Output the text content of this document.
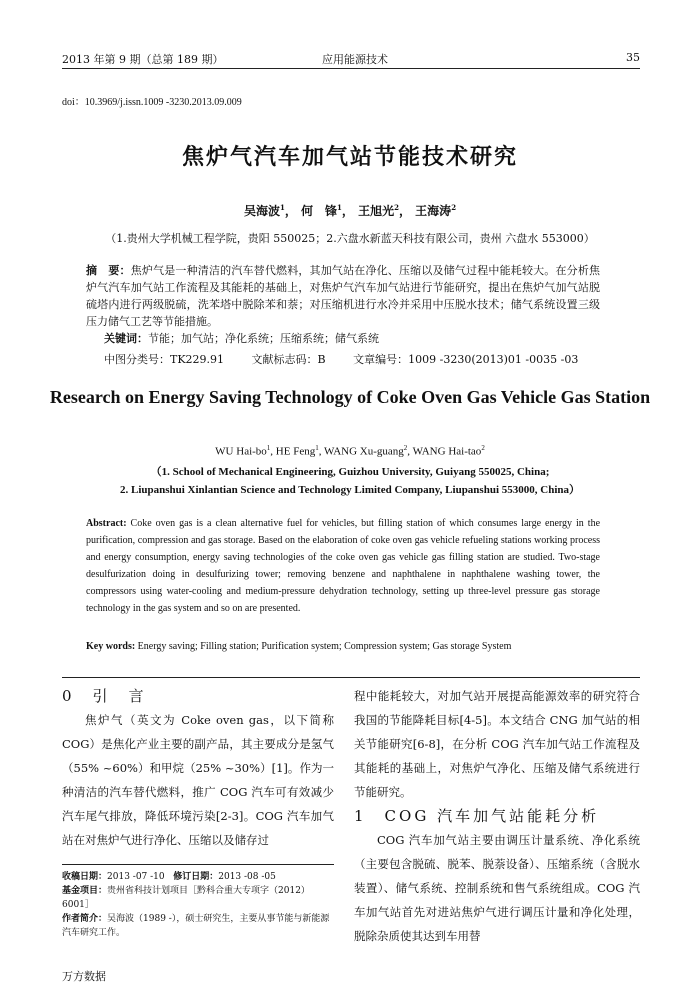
2013 年第 9 期（总第 189 期）	应用能源技术	35
doi：10.3969/j.issn.1009 -3230.2013.09.009
焦炉气汽车加气站节能技术研究
吴海波$^1$， 何　锋$^1$， 王旭光$^2$， 王海涛$^2$
（1.贵州大学机械工程学院，贵阳 550025；2.六盘水新蓝天科技有限公司，贵州 六盘水 553000）
摘　要：焦炉气是一种清洁的汽车替代燃料，其加气站在净化、压缩以及储气过程中能耗较大。在分析焦炉气汽车加气站工作流程及其能耗的基础上，对焦炉气汽车加气站进行节能研究，提出在焦炉气加气站脱硫塔内进行两级脱硫，洗苯塔中脱除苯和萘；对压缩机进行水冷并采用中压脱水技术；储气系统设置三级压力储气工艺等节能措施。
关键词：节能；加气站；净化系统；压缩系统；储气系统
中图分类号：TK229.91	文献标志码：B	文章编号：1009 -3230(2013)01 -0035 -03
Research on Energy Saving Technology of Coke Oven Gas Vehicle Gas Station
WU Hai-$bo^1$, HE Feng$^1$, WANG Xu-guang$^2$, WANG Hai-tao$^2$
（1. School of Mechanical Engineering, Guizhou University, Guiyang 550025, China;
2. Liupanshui Xinlantian Science and Technology Limited Company, Liupanshui 553000, China）
Abstract: Coke oven gas is a clean alternative fuel for vehicles, but filling station of which consumes large energy in the purification, compression and gas storage. Based on the elaboration of coke oven gas vehicle refueling stations working process and energy consumption, energy saving technologies of the coke oven gas vehicle gas filling station are studied. Two-stage desulfurization doing in desulfurizing tower; removing benzene and naphthalene in naphthalene washing tower, the compressors using water-cooling and medium-pressure dehydration technology, setting up three-level pressure gas storage technology in the gas system and so on are presented.
Key words: Energy saving; Filling station; Purification system; Compression system; Gas storage System
0　引　言
焦炉气（英文为 Coke oven gas，以下简称 COG）是焦化产业主要的副产品，其主要成分是氢气（55% ~60%）和甲烷（25% ~30%）[1]。作为一种清洁的汽车替代燃料，推广 COG 汽车可有效减少汽车尾气排放，降低环境污染[2-3]。COG 汽车加气站在对焦炉气进行净化、压缩以及储存过
程中能耗较大，对加气站开展提高能源效率的研究符合我国的节能降耗目标[4-5]。本文结合 CNG 加气站的相关节能研究[6-8]，在分析 COG 汽车加气站工作流程及其能耗的基础上，对焦炉气净化、压缩及储气系统进行节能研究。
1　COG 汽车加气站能耗分析
COG 汽车加气站主要由调压计量系统、净化系统（主要包含脱硫、脱苯、脱萘设备）、压缩系统（含脱水装置）、储气系统、控制系统和售气系统组成。COG 汽车加气站首先对进站焦炉气进行调压计量和净化处理，脱除杂质使其达到车用替
收稿日期：2013 -07 -10 修订日期：2013 -08 -05
基金项目：贵州省科技计划项目［黔科合重大专项字（2012）6001］
作者简介：吴海波（1989 -），硕士研究生，主要从事节能与新能源汽车研究工作。
万方数据
